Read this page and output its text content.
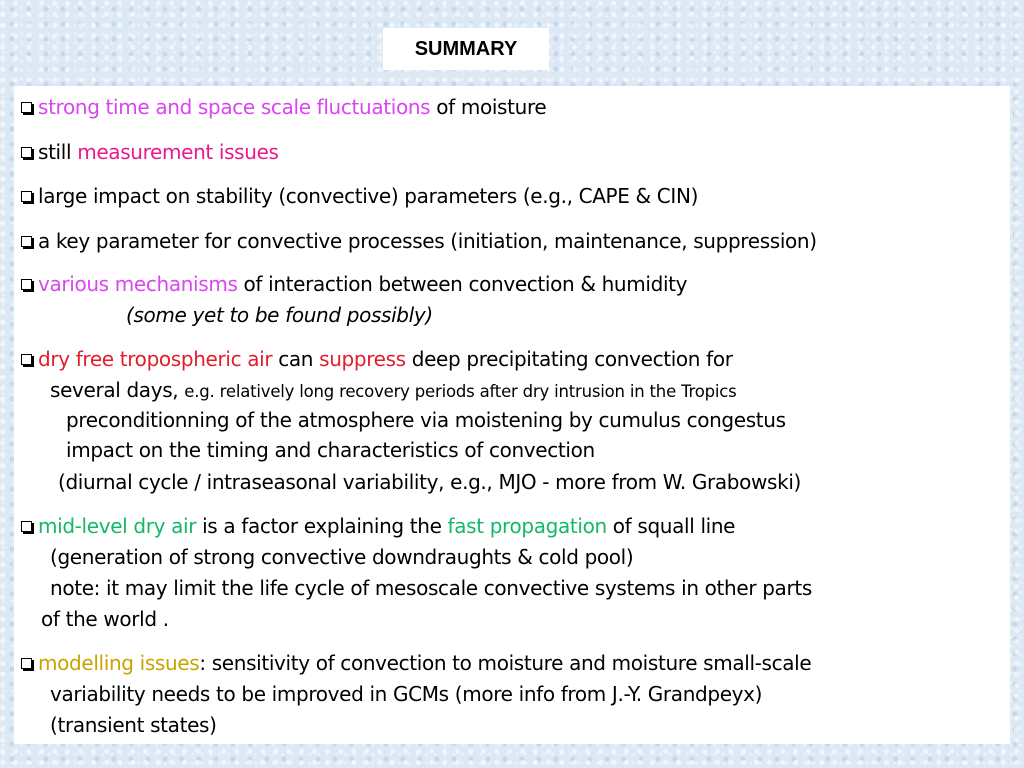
SUMMARY
strong time and space scale fluctuations of moisture
still measurement issues
large impact on stability (convective) parameters (e.g., CAPE & CIN)
a key parameter for convective processes (initiation, maintenance, suppression)
various mechanisms of interaction between convection & humidity
(some yet to be found possibly)
dry free tropospheric air can suppress deep precipitating convection for
several days, e.g. relatively long recovery periods after dry intrusion in the Tropics
preconditionning of the atmosphere via moistening by cumulus congestus
impact on the timing and characteristics of convection
(diurnal cycle / intraseasonal variability, e.g., MJO - more from W. Grabowski)
mid-level dry air is a factor explaining the fast propagation of squall line
(generation of strong convective downdraughts & cold pool)
note: it may limit the life cycle of mesoscale convective systems in other parts
of the world .
modelling issues: sensitivity of convection to moisture and moisture small-scale
variability needs to be improved in GCMs (more info from J.-Y. Grandpeyx)
(transient states)
